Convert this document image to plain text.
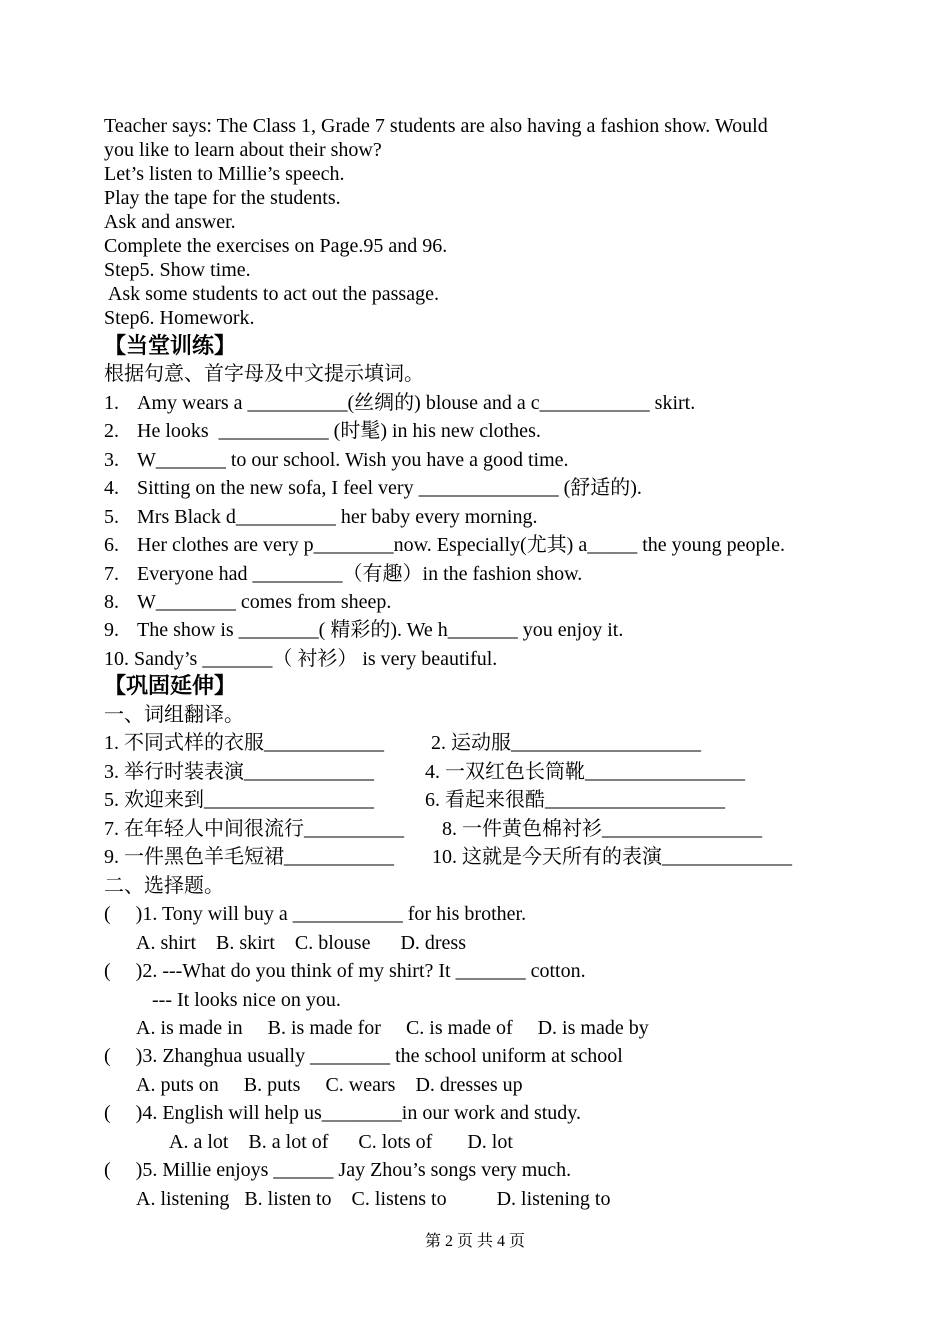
Teacher says: The Class 1, Grade 7 students are also having a fashion show. Would
you like to learn about their show?
Let’s listen to Millie’s speech.
Play the tape for the students.
Ask and answer.
Complete the exercises on Page.95 and 96.
Step5. Show time.
Ask some students to act out the passage.
Step6. Homework.
【当堂训练】
根据句意、首字母及中文提示填词。
1. Amy wears a __________(丝绸的) blouse and a c___________ skirt.
2. He looks  ___________ (时髦) in his new clothes.
3. W_______ to our school. Wish you have a good time.
4. Sitting on the new sofa, I feel very ______________ (舒适的).
5. Mrs Black d__________ her baby every morning.
6. Her clothes are very p________now. Especially(尤其) a_____ the young people.
7. Everyone had _________（有趣）in the fashion show.
8. W________ comes from sheep.
9. The show is ________( 精彩的). We h_______ you enjoy it.
10. Sandy’s _______（ 衬衫） is very beautiful.
【巩固延伸】
一、词组翻译。
1. 不同式样的衣服____________ 2. 运动服___________________
3. 举行时装表演_____________	4. 一双红色长筒靴________________
5. 欢迎来到_________________	6. 看起来很酷__________________
7. 在年轻人中间很流行__________ 8. 一件黄色棉衬衫________________
9. 一件黑色羊毛短裙___________ 10. 这就是今天所有的表演_____________
二、选择题。
(     )1. Tony will buy a ___________ for his brother.
A. shirt    B. skirt    C. blouse      D. dress
(     )2. ---What do you think of my shirt? It _______ cotton.
--- It looks nice on you.
A. is made in     B. is made for     C. is made of     D. is made by
(     )3. Zhanghua usually ________ the school uniform at school
A. puts on     B. puts     C. wears    D. dresses up
(     )4. English will help us________in our work and study.
A. a lot    B. a lot of      C. lots of       D. lot
(     )5. Millie enjoys ______ Jay Zhou’s songs very much.
A. listening   B. listen to    C. listens to          D. listening to
第 2 页 共 4 页
